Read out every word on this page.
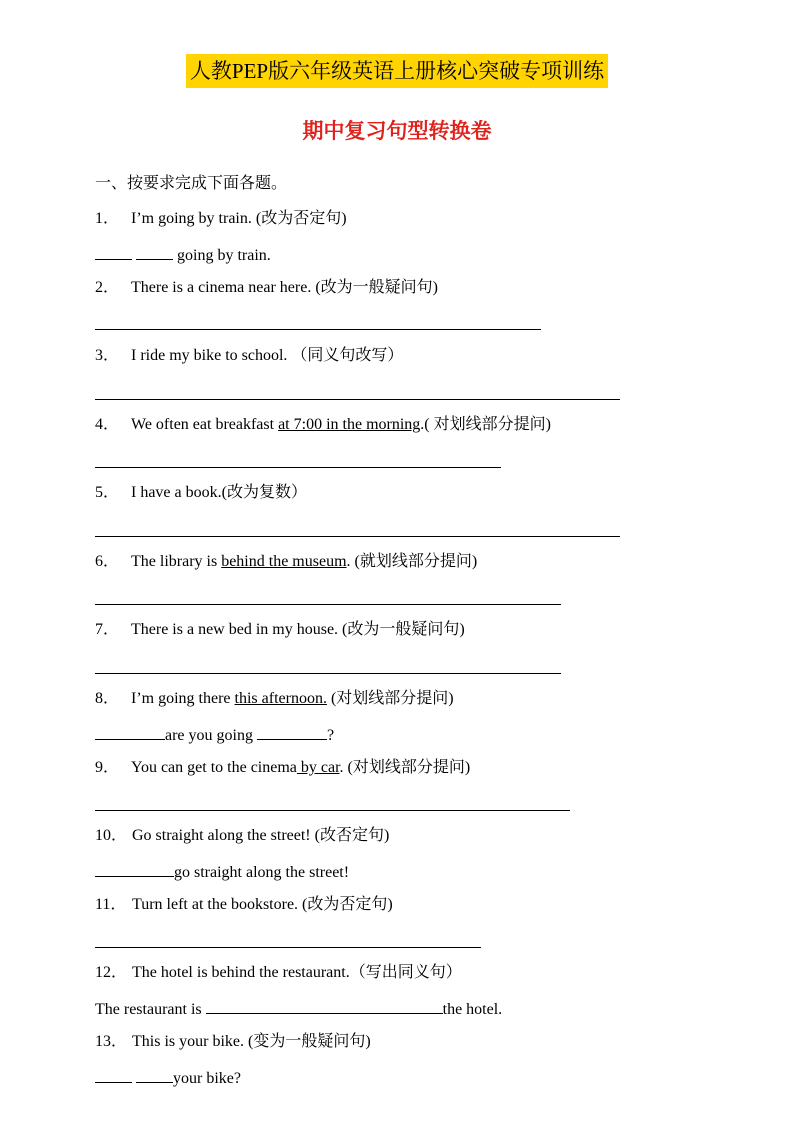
人教PEP版六年级英语上册核心突破专项训练
期中复习句型转换卷
一、按要求完成下面各题。
1． I’m going by train. (改为否定句)
going by train.
2． There is a cinema near here. (改为一般疑问句)
3． I ride my bike to school. （同义句改写）
4． We often eat breakfast at 7:00 in the morning.( 对划线部分提问)
5． I have a book.(改为复数）
6． The library is behind the museum. (就划线部分提问)
7． There is a new bed in my house. (改为一般疑问句)
8． I’m going there this afternoon. (对划线部分提问)
are you going	?
9． You can get to the cinema by car. (对划线部分提问)
10． Go straight along the street! (改否定句)
go straight along the street!
11． Turn left at the bookstore. (改为否定句)
12． The hotel is behind the restaurant.（写出同义句）
The restaurant is	the hotel.
13． This is your bike. (变为一般疑问句)
your bike?
